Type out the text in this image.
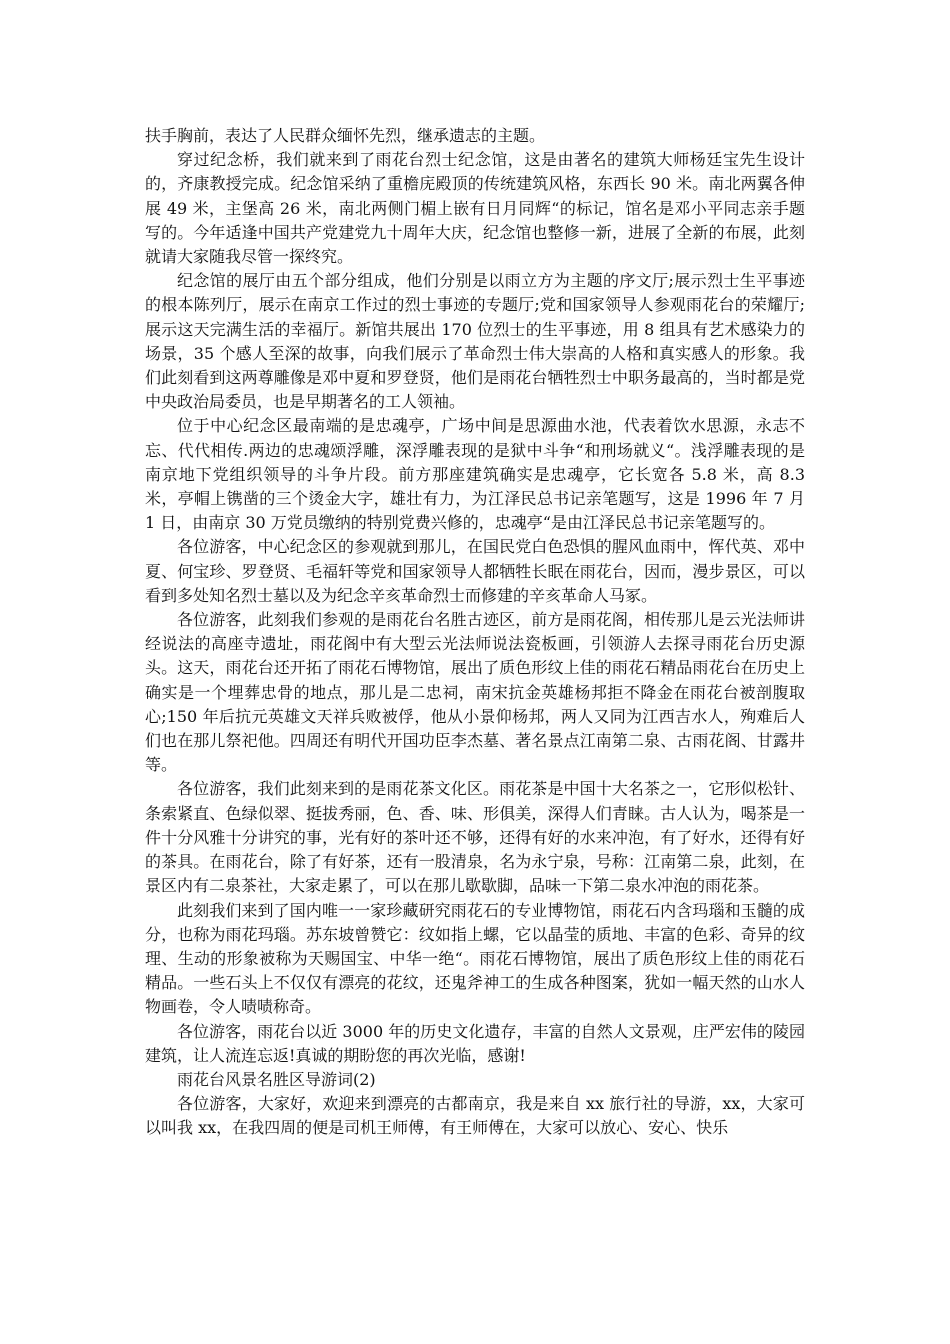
扶手胸前，表达了人民群众缅怀先烈，继承遗志的主题。

穿过纪念桥，我们就来到了雨花台烈士纪念馆，这是由著名的建筑大师杨廷宝先生设计的，齐康教授完成。纪念馆采纳了重檐庑殿顶的传统建筑风格，东西长 90 米。南北两翼各伸展 49 米，主堡高 26 米，南北两侧门楣上嵌有日月同辉“的标记，馆名是邓小平同志亲手题写的。今年适逢中国共产党建党九十周年大庆，纪念馆也整修一新，进展了全新的布展，此刻就请大家随我尽管一探终究。

纪念馆的展厅由五个部分组成，他们分别是以雨立方为主题的序文厅;展示烈士生平事迹的根本陈列厅，展示在南京工作过的烈士事迹的专题厅;党和国家领导人参观雨花台的荣耀厅;展示这天完满生活的幸福厅。新馆共展出 170 位烈士的生平事迹，用 8 组具有艺术感染力的场景，35 个感人至深的故事，向我们展示了革命烈士伟大崇高的人格和真实感人的形象。我们此刻看到这两尊雕像是邓中夏和罗登贤，他们是雨花台牺牲烈士中职务最高的，当时都是党中央政治局委员，也是早期著名的工人领袖。

位于中心纪念区最南端的是忠魂亭，广场中间是思源曲水池，代表着饮水思源，永志不忘、代代相传.两边的忠魂颂浮雕，深浮雕表现的是狱中斗争“和刑场就义“。浅浮雕表现的是南京地下党组织领导的斗争片段。前方那座建筑确实是忠魂亭，它长宽各 5.8 米，高 8.3 米，亭帽上镌凿的三个烫金大字，雄壮有力，为江泽民总书记亲笔题写，这是 1996 年 7 月 1 日，由南京 30 万党员缴纳的特别党费兴修的，忠魂亭“是由江泽民总书记亲笔题写的。

各位游客，中心纪念区的参观就到那儿，在国民党白色恐惧的腥风血雨中，恽代英、邓中夏、何宝珍、罗登贤、毛福轩等党和国家领导人都牺牲长眠在雨花台，因而，漫步景区，可以看到多处知名烈士墓以及为纪念辛亥革命烈士而修建的辛亥革命人马冢。

各位游客，此刻我们参观的是雨花台名胜古迹区，前方是雨花阁，相传那儿是云光法师讲经说法的高座寺遗址，雨花阁中有大型云光法师说法瓷板画，引领游人去探寻雨花台历史源头。这天，雨花台还开拓了雨花石博物馆，展出了质色形纹上佳的雨花石精品雨花台在历史上确实是一个埋葬忠骨的地点，那儿是二忠祠，南宋抗金英雄杨邦拒不降金在雨花台被剖腹取心;150 年后抗元英雄文天祥兵败被俘，他从小景仰杨邦，两人又同为江西吉水人，殉难后人们也在那儿祭祀他。四周还有明代开国功臣李杰墓、著名景点江南第二泉、古雨花阁、甘露井等。

各位游客，我们此刻来到的是雨花茶文化区。雨花茶是中国十大名茶之一，它形似松针、条索紧直、色绿似翠、挺拔秀丽，色、香、味、形俱美，深得人们青睐。古人认为，喝茶是一件十分风雅十分讲究的事，光有好的茶叶还不够，还得有好的水来冲泡，有了好水，还得有好的茶具。在雨花台，除了有好茶，还有一股清泉，名为永宁泉，号称：江南第二泉，此刻，在景区内有二泉茶社，大家走累了，可以在那儿歇歇脚，品味一下第二泉水冲泡的雨花茶。

此刻我们来到了国内唯一一家珍藏研究雨花石的专业博物馆，雨花石内含玛瑙和玉髓的成分，也称为雨花玛瑙。苏东坡曾赞它：纹如指上螺，它以晶莹的质地、丰富的色彩、奇异的纹理、生动的形象被称为天赐国宝、中华一绝“。雨花石博物馆，展出了质色形纹上佳的雨花石精品。一些石头上不仅仅有漂亮的花纹，还鬼斧神工的生成各种图案，犹如一幅天然的山水人物画卷，令人啧啧称奇。

各位游客，雨花台以近 3000 年的历史文化遗存，丰富的自然人文景观，庄严宏伟的陵园建筑，让人流连忘返!真诚的期盼您的再次光临，感谢!

雨花台风景名胜区导游词(2)

各位游客，大家好，欢迎来到漂亮的古都南京，我是来自 xx 旅行社的导游，xx，大家可以叫我 xx，在我四周的便是司机王师傅，有王师傅在，大家可以放心、安心、快乐
